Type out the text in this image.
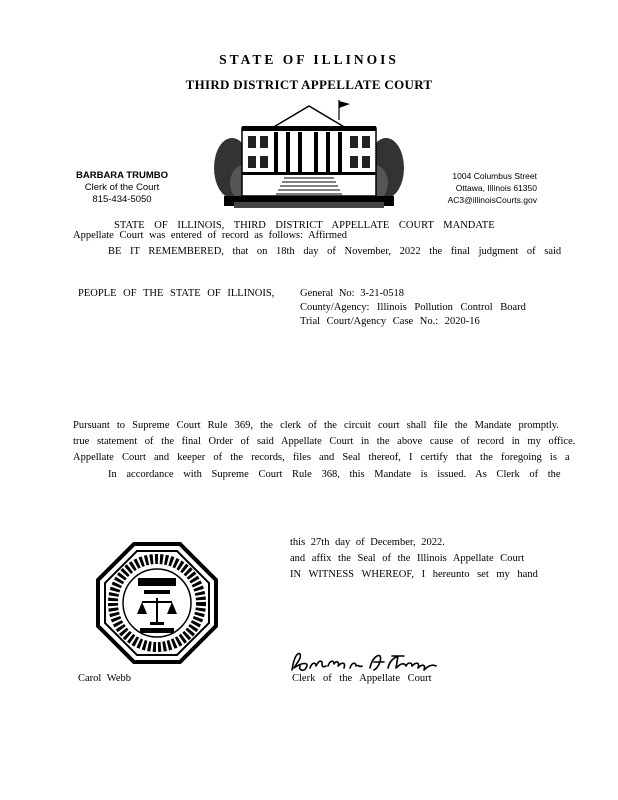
STATE OF ILLINOIS
THIRD DISTRICT APPELLATE COURT
BARBARA TRUMBO
Clerk of the Court
815-434-5050
1004 Columbus Street
Ottawa, Illinois 61350
AC3@illinoisCourts.gov
STATE OF ILLINOIS, THIRD DISTRICT APPELLATE COURT MANDATE
Appellate Court was entered of record as follows: Affirmed
BE IT REMEMBERED, that on 18th day of November, 2022 the final judgment of said
PEOPLE OF THE STATE OF ILLINOIS, General No: 3-21-0518
County/Agency: Illinois Pollution Control Board
Trial Court/Agency Case No.: 2020-16
Pursuant to Supreme Court Rule 369, the clerk of the circuit court shall file the Mandate promptly.
true statement of the final Order of said Appellate Court in the above cause of record in my office.
Appellate Court and keeper of the records, files and Seal thereof, I certify that the foregoing is a
In accordance with Supreme Court Rule 368, this Mandate is issued. As Clerk of the
this 27th day of December, 2022.
and affix the Seal of the Illinois Appellate Court
IN WITNESS WHEREOF, I hereunto set my hand
Carol Webb	Clerk of the Appellate Court
